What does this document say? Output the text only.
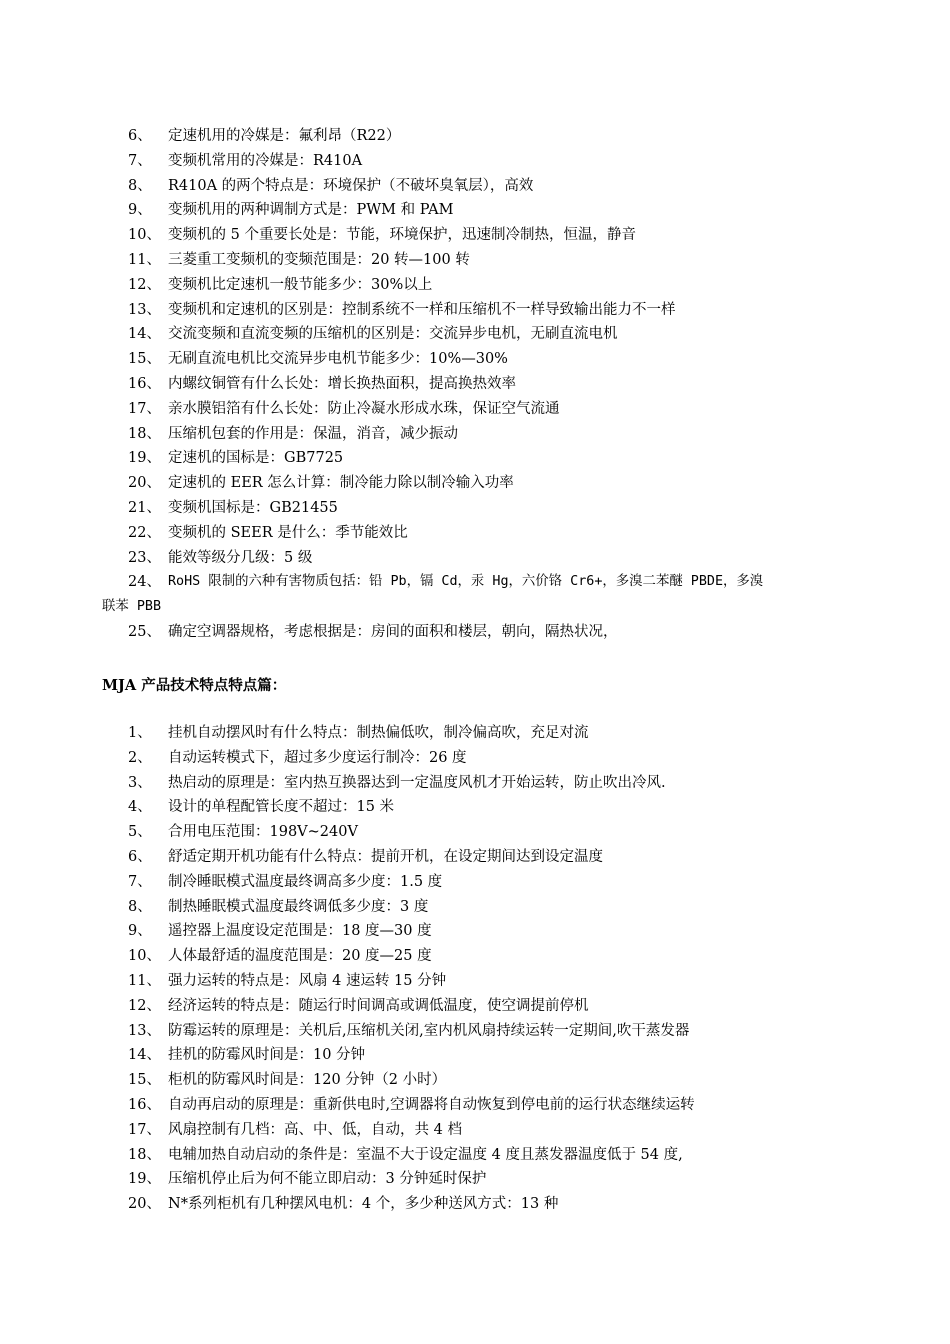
6、	定速机用的冷媒是：氟利昂（R22）
7、	变频机常用的冷媒是：R410A
8、	R410A 的两个特点是：环境保护（不破坏臭氧层），高效
9、	变频机用的两种调制方式是：PWM 和 PAM
10、 变频机的 5 个重要长处是：节能，环境保护，迅速制冷制热，恒温，静音
11、 三菱重工变频机的变频范围是：20 转—100 转
12、 变频机比定速机一般节能多少：30%以上
13、 变频机和定速机的区别是：控制系统不一样和压缩机不一样导致输出能力不一样
14、 交流变频和直流变频的压缩机的区别是：交流异步电机，无刷直流电机
15、 无刷直流电机比交流异步电机节能多少：10%—30%
16、 内螺纹铜管有什么长处：增长换热面积，提高换热效率
17、 亲水膜铝箔有什么长处：防止冷凝水形成水珠，保证空气流通
18、 压缩机包套的作用是：保温，消音，减少振动
19、 定速机的国标是：GB7725
20、 定速机的 EER 怎么计算：制冷能力除以制冷输入功率
21、 变频机国标是：GB21455
22、 变频机的 SEER 是什么：季节能效比
23、 能效等级分几级：5 级
24、 RoHS 限制的六种有害物质包括：铅 Pb，镉 Cd，汞 Hg，六价铬 Cr6+，多溴二苯醚 PBDE，多溴
联苯 PBB
25、 确定空调器规格，考虑根据是：房间的面积和楼层，朝向，隔热状况，
MJA 产品技术特点特点篇：
1、	挂机自动摆风时有什么特点：制热偏低吹，制冷偏高吹，充足对流
2、	自动运转模式下，超过多少度运行制冷：26 度
3、	热启动的原理是：室内热互换器达到一定温度风机才开始运转，防止吹出冷风.
4、	设计的单程配管长度不超过：15 米
5、	合用电压范围：198V~240V
6、	舒适定期开机功能有什么特点：提前开机，在设定期间达到设定温度
7、	制冷睡眠模式温度最终调高多少度：1.5 度
8、	制热睡眠模式温度最终调低多少度：3 度
9、	遥控器上温度设定范围是：18 度—30 度
10、 人体最舒适的温度范围是：20 度—25 度
11、 强力运转的特点是：风扇 4 速运转 15 分钟
12、 经济运转的特点是：随运行时间调高或调低温度，使空调提前停机
13、 防霉运转的原理是：关机后,压缩机关闭,室内机风扇持续运转一定期间,吹干蒸发器
14、 挂机的防霉风时间是：10 分钟
15、 柜机的防霉风时间是：120 分钟（2 小时）
16、 自动再启动的原理是：重新供电时,空调器将自动恢复到停电前的运行状态继续运转
17、 风扇控制有几档：高、中、低，自动，共 4 档
18、 电辅加热自动启动的条件是：室温不大于设定温度 4 度且蒸发器温度低于 54 度,
19、 压缩机停止后为何不能立即启动：3 分钟延时保护
20、 N*系列柜机有几种摆风电机：4 个，多少种送风方式：13 种
